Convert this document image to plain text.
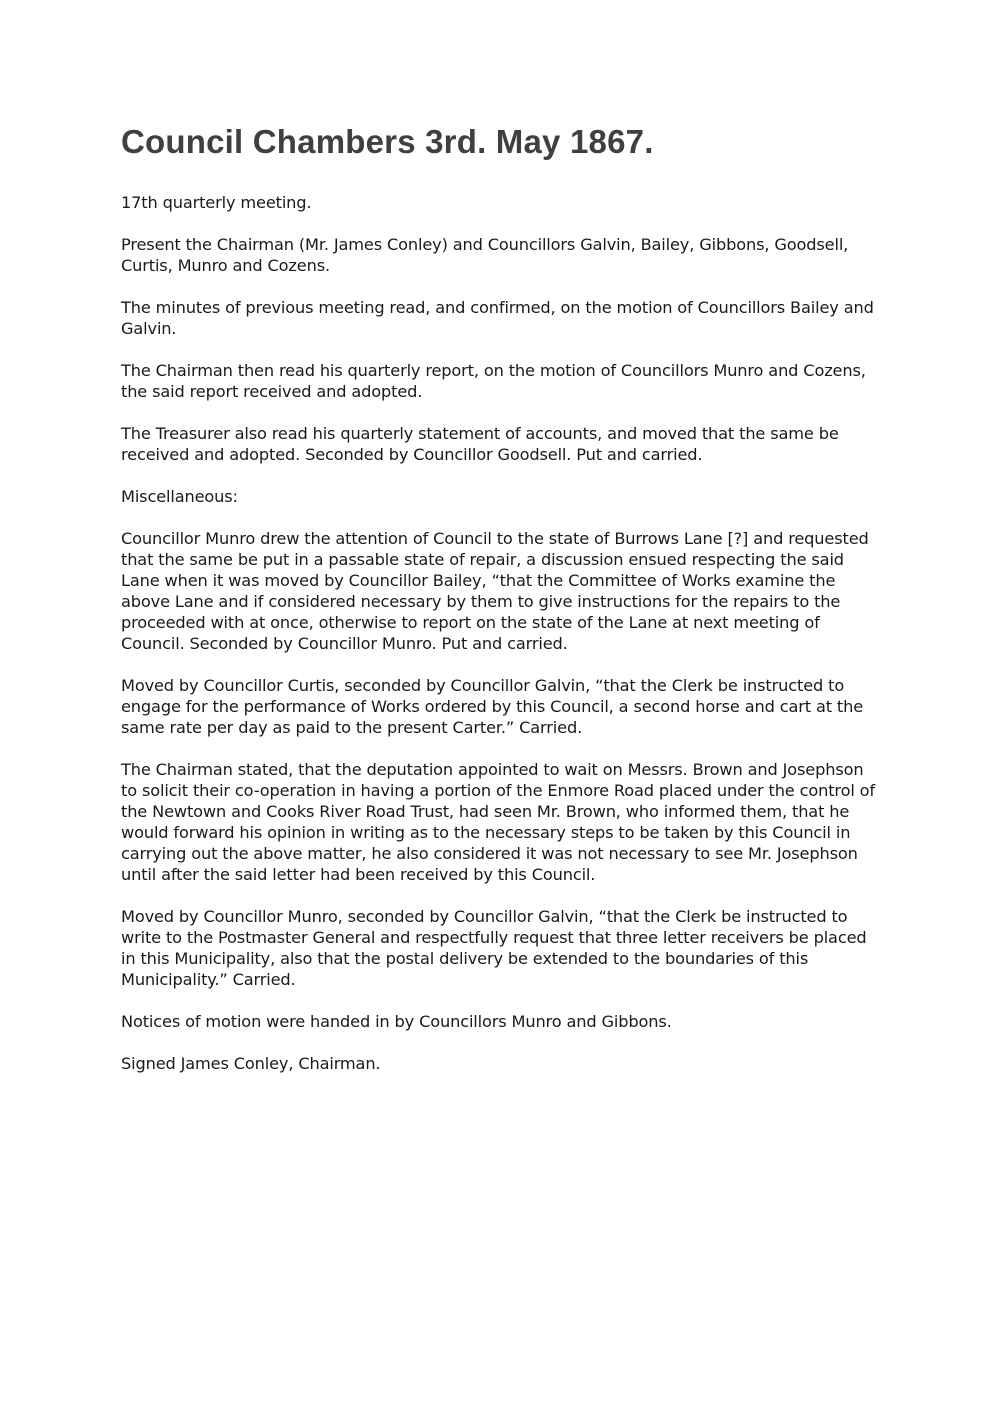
Council Chambers 3rd. May 1867.

17th quarterly meeting.

Present the Chairman (Mr. James Conley) and Councillors Galvin, Bailey, Gibbons, Goodsell, Curtis, Munro and Cozens.

The minutes of previous meeting read, and confirmed, on the motion of Councillors Bailey and Galvin.

The Chairman then read his quarterly report, on the motion of Councillors Munro and Cozens, the said report received and adopted.

The Treasurer also read his quarterly statement of accounts, and moved that the same be received and adopted. Seconded by Councillor Goodsell. Put and carried.

Miscellaneous:

Councillor Munro drew the attention of Council to the state of Burrows Lane [?] and requested that the same be put in a passable state of repair, a discussion ensued respecting the said Lane when it was moved by Councillor Bailey, “that the Committee of Works examine the above Lane and if considered necessary by them to give instructions for the repairs to the proceeded with at once, otherwise to report on the state of the Lane at next meeting of Council. Seconded by Councillor Munro. Put and carried.

Moved by Councillor Curtis, seconded by Councillor Galvin, “that the Clerk be instructed to engage for the performance of Works ordered by this Council, a second horse and cart at the same rate per day as paid to the present Carter.” Carried.

The Chairman stated, that the deputation appointed to wait on Messrs. Brown and Josephson to solicit their co-operation in having a portion of the Enmore Road placed under the control of the Newtown and Cooks River Road Trust, had seen Mr. Brown, who informed them, that he would forward his opinion in writing as to the necessary steps to be taken by this Council in carrying out the above matter, he also considered it was not necessary to see Mr. Josephson until after the said letter had been received by this Council.

Moved by Councillor Munro, seconded by Councillor Galvin, “that the Clerk be instructed to write to the Postmaster General and respectfully request that three letter receivers be placed in this Municipality, also that the postal delivery be extended to the boundaries of this Municipality.” Carried.

Notices of motion were handed in by Councillors Munro and Gibbons.

Signed James Conley, Chairman.
